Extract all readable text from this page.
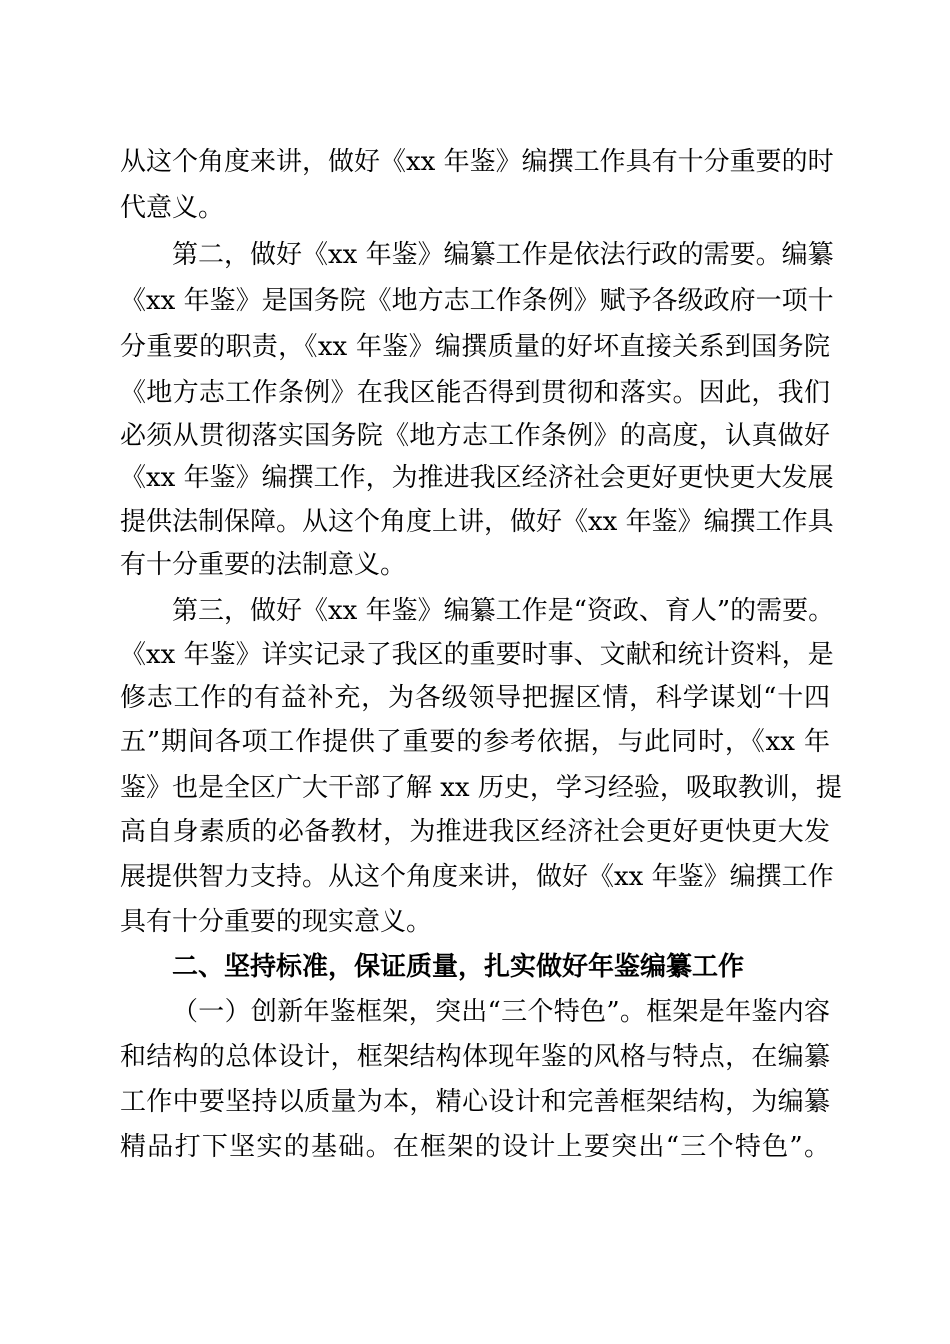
从这个角度来讲，做好《xx 年鉴》编撰工作具有十分重要的时
代意义。
第二，做好《xx 年鉴》编纂工作是依法行政的需要。编纂
《xx 年鉴》是国务院《地方志工作条例》赋予各级政府一项十
分重要的职责，《xx 年鉴》编撰质量的好坏直接关系到国务院
《地方志工作条例》在我区能否得到贯彻和落实。因此，我们
必须从贯彻落实国务院《地方志工作条例》的高度，认真做好
《xx 年鉴》编撰工作，为推进我区经济社会更好更快更大发展
提供法制保障。从这个角度上讲，做好《xx 年鉴》编撰工作具
有十分重要的法制意义。
第三，做好《xx 年鉴》编纂工作是“资政、育人”的需要。
《xx 年鉴》详实记录了我区的重要时事、文献和统计资料，是
修志工作的有益补充，为各级领导把握区情，科学谋划“十四
五”期间各项工作提供了重要的参考依据，与此同时，《xx 年
鉴》也是全区广大干部了解 xx 历史，学习经验，吸取教训，提
高自身素质的必备教材，为推进我区经济社会更好更快更大发
展提供智力支持。从这个角度来讲，做好《xx 年鉴》编撰工作
具有十分重要的现实意义。
二、坚持标准，保证质量，扎实做好年鉴编纂工作
（一）创新年鉴框架，突出“三个特色”。框架是年鉴内容
和结构的总体设计，框架结构体现年鉴的风格与特点，在编纂
工作中要坚持以质量为本，精心设计和完善框架结构，为编纂
精品打下坚实的基础。在框架的设计上要突出“三个特色”。
